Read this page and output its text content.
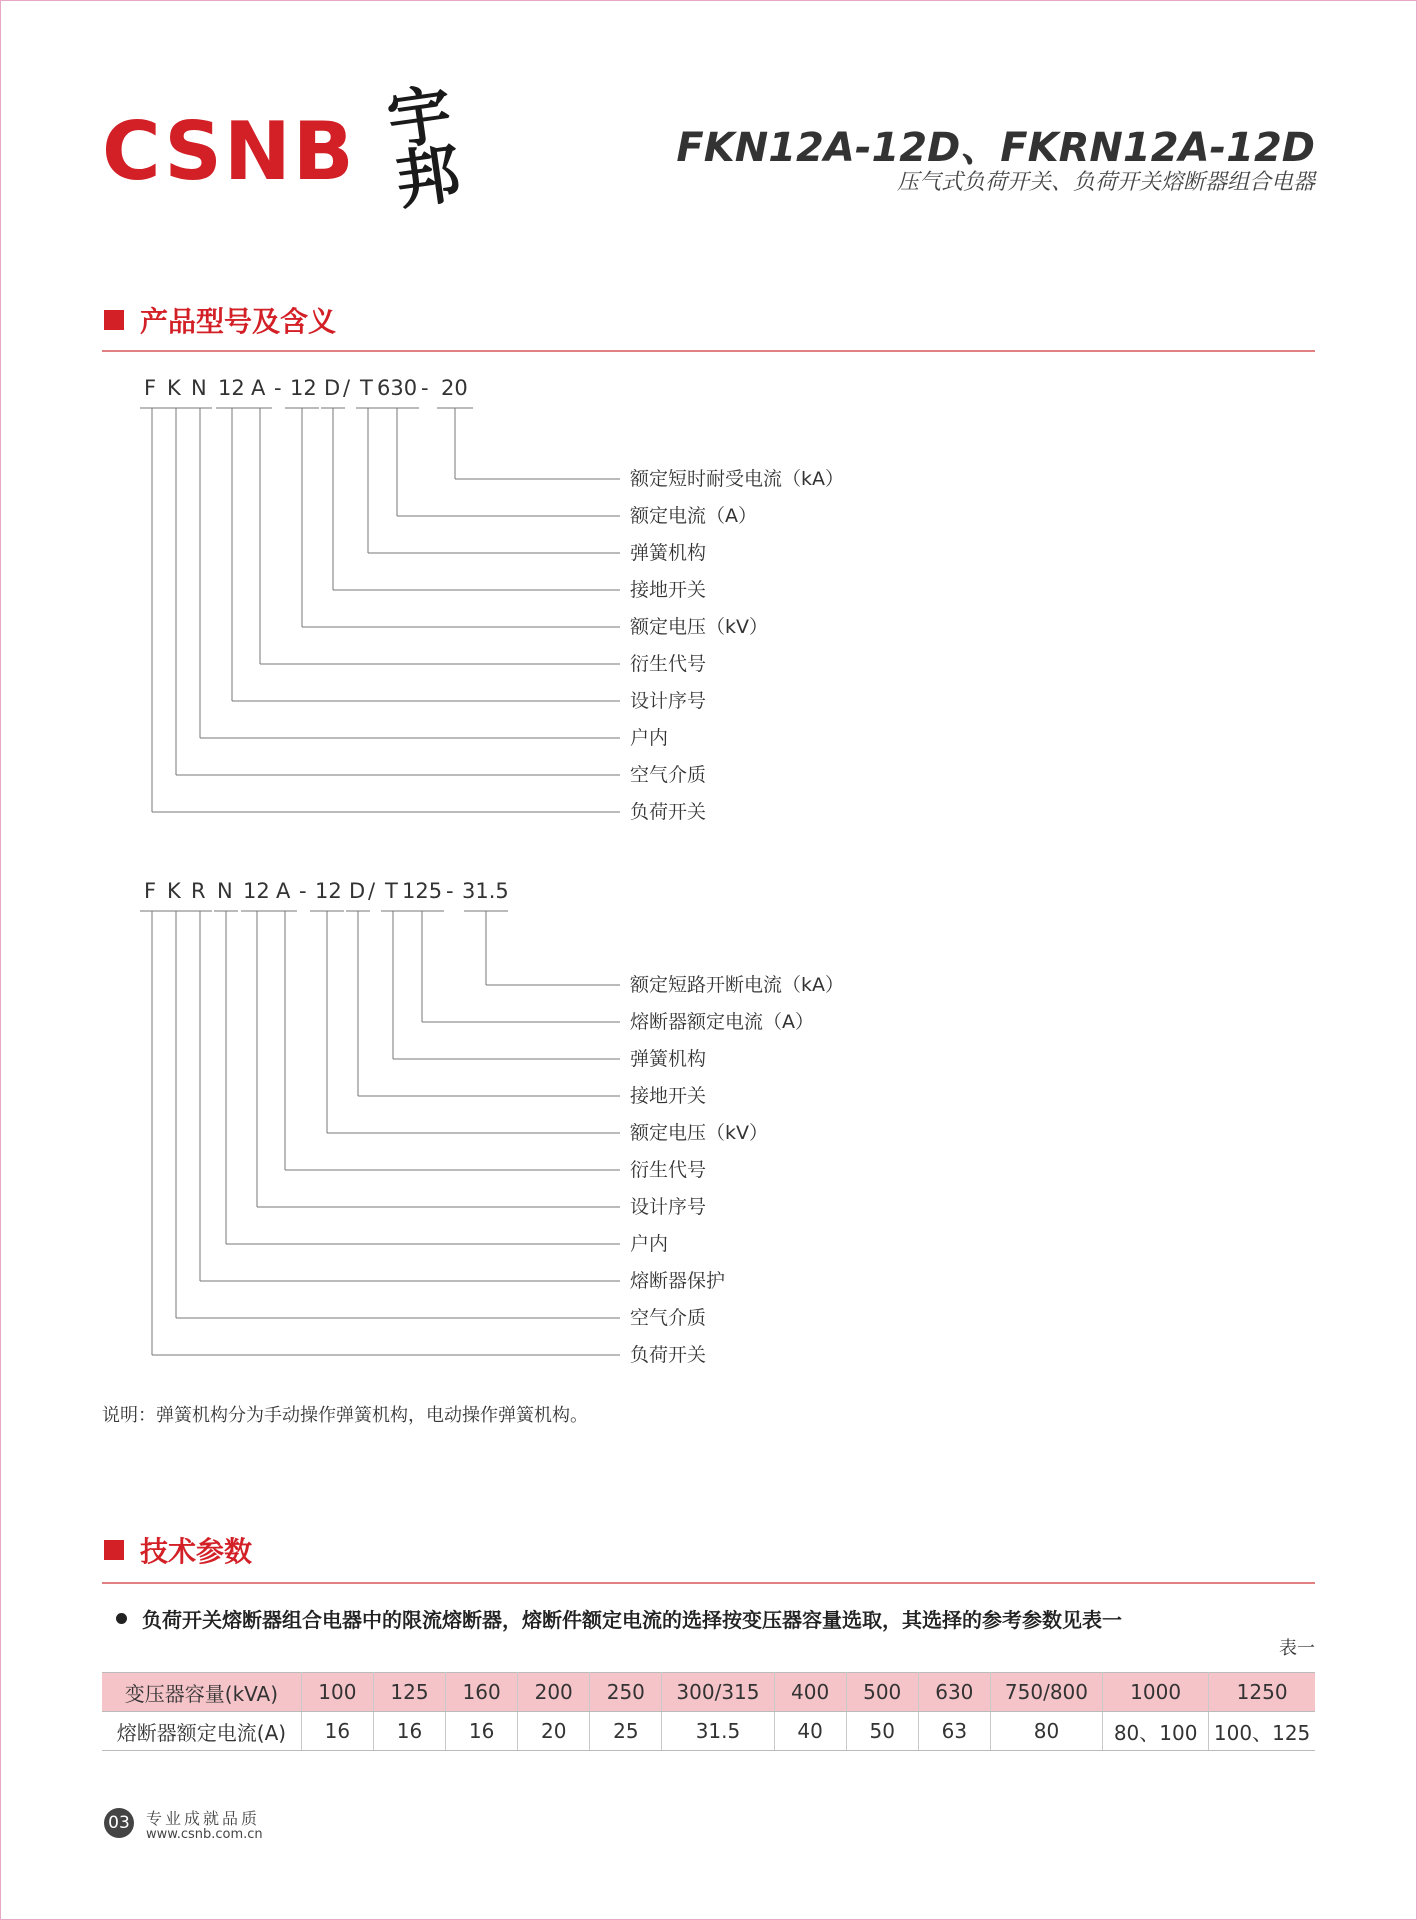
CSNB 宇邦	FKN12A-12D、FKRN12A-12D
压气式负荷开关、负荷开关熔断器组合电器
产品型号及含义
F K N 12 A - 12 D / T 630 - 20
额定短时耐受电流（kA）
额定电流（A）
弹簧机构
接地开关
额定电压（kV）
衍生代号
设计序号
户内
空气介质
负荷开关
F K R N 12 A - 12 D / T 125 - 31.5
额定短路开断电流（kA）
熔断器额定电流（A）
弹簧机构
接地开关
额定电压（kV）
衍生代号
设计序号
户内
熔断器保护
空气介质
负荷开关
说明：弹簧机构分为手动操作弹簧机构，电动操作弹簧机构。
技术参数
负荷开关熔断器组合电器中的限流熔断器，熔断件额定电流的选择按变压器容量选取，其选择的参考参数见表一
表一
变压器容量(kVA)	100	125	160	200	250	300/315	400	500	630	750/800	1000	1250
熔断器额定电流(A)	16	16	16	20	25	31.5	40	50	63	80	80、100	100、125
03 专业成就品质
www.csnb.com.cn
